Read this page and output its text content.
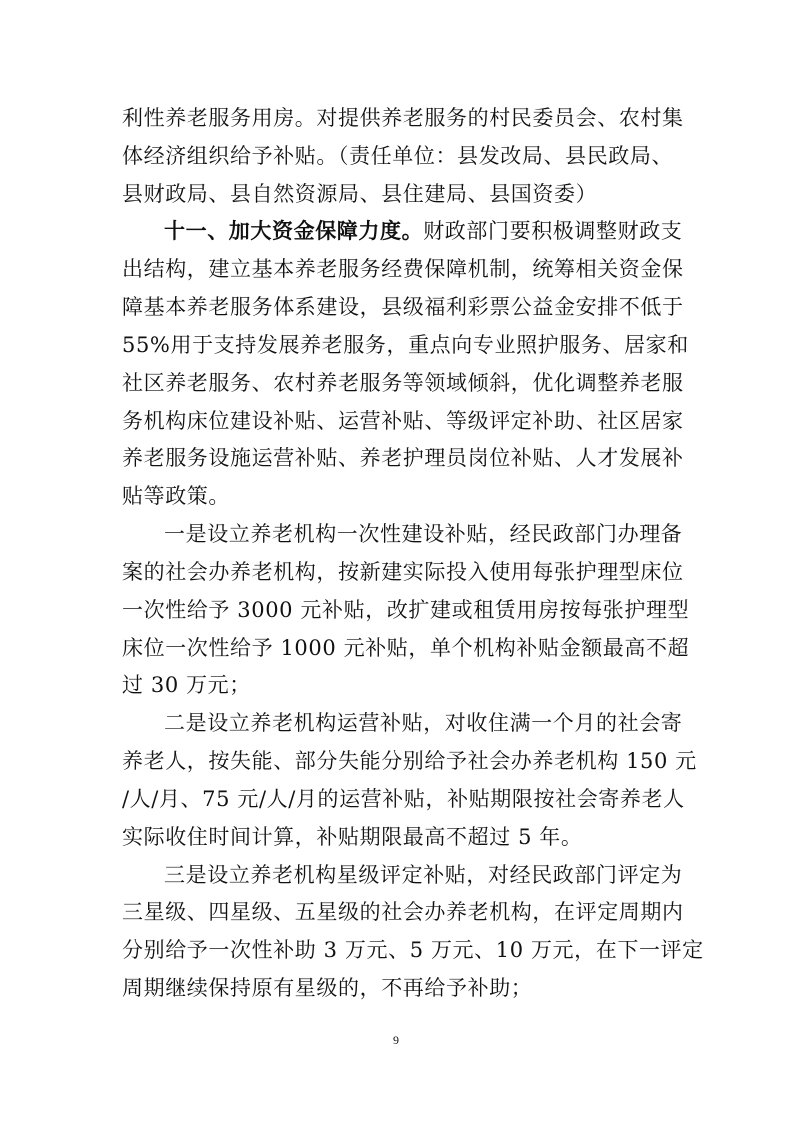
利性养老服务用房。对提供养老服务的村民委员会、农村集
体经济组织给予补贴。（责任单位：县发改局、县民政局、
县财政局、县自然资源局、县住建局、县国资委）
十一、加大资金保障力度。财政部门要积极调整财政支
出结构，建立基本养老服务经费保障机制，统筹相关资金保
障基本养老服务体系建设，县级福利彩票公益金安排不低于
55%用于支持发展养老服务，重点向专业照护服务、居家和
社区养老服务、农村养老服务等领域倾斜，优化调整养老服
务机构床位建设补贴、运营补贴、等级评定补助、社区居家
养老服务设施运营补贴、养老护理员岗位补贴、人才发展补
贴等政策。
一是设立养老机构一次性建设补贴，经民政部门办理备
案的社会办养老机构，按新建实际投入使用每张护理型床位
一次性给予 3000 元补贴，改扩建或租赁用房按每张护理型
床位一次性给予 1000 元补贴，单个机构补贴金额最高不超
过 30 万元；
二是设立养老机构运营补贴，对收住满一个月的社会寄
养老人，按失能、部分失能分别给予社会办养老机构 150 元
/人/月、75 元/人/月的运营补贴，补贴期限按社会寄养老人
实际收住时间计算，补贴期限最高不超过 5 年。
三是设立养老机构星级评定补贴，对经民政部门评定为
三星级、四星级、五星级的社会办养老机构，在评定周期内
分别给予一次性补助 3 万元、5 万元、10 万元，在下一评定
9
周期继续保持原有星级的，不再给予补助；
